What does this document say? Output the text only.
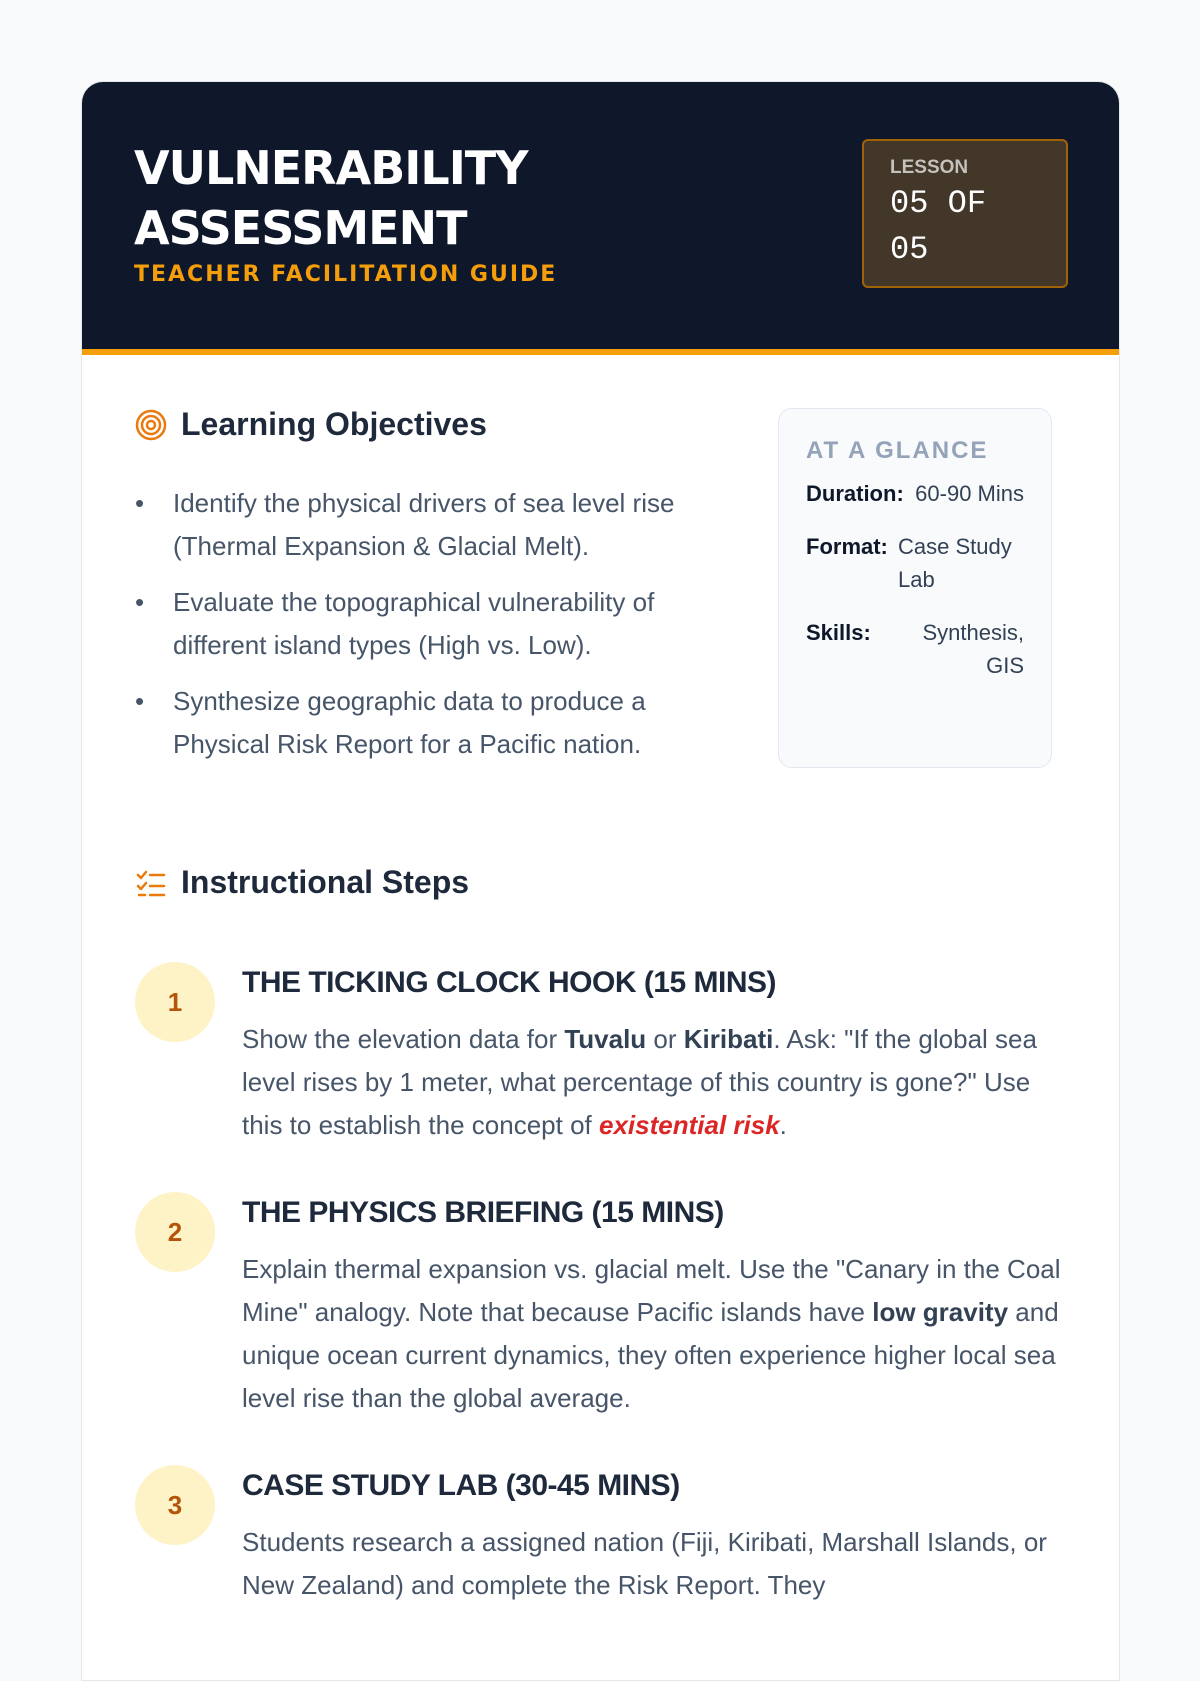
VULNERABILITY ASSESSMENT
TEACHER FACILITATION GUIDE
LESSON
05 OF 05
Learning Objectives
• Identify the physical drivers of sea level rise (Thermal Expansion & Glacial Melt).
• Evaluate the topographical vulnerability of different island types (High vs. Low).
• Synthesize geographic data to produce a Physical Risk Report for a Pacific nation.
AT A GLANCE
Duration: 60-90 Mins
Format: Case Study Lab
Skills:	Synthesis, GIS
Instructional Steps
1
THE TICKING CLOCK HOOK (15 MINS)
Show the elevation data for Tuvalu or Kiribati. Ask: "If the global sea level rises by 1 meter, what percentage of this country is gone?" Use this to establish the concept of existential risk.
2
THE PHYSICS BRIEFING (15 MINS)
Explain thermal expansion vs. glacial melt. Use the "Canary in the Coal Mine" analogy. Note that because Pacific islands have low gravity and unique ocean current dynamics, they often experience higher local sea level rise than the global average.
3
CASE STUDY LAB (30-45 MINS)
Students research a assigned nation (Fiji, Kiribati, Marshall Islands, or New Zealand) and complete the Risk Report. They
